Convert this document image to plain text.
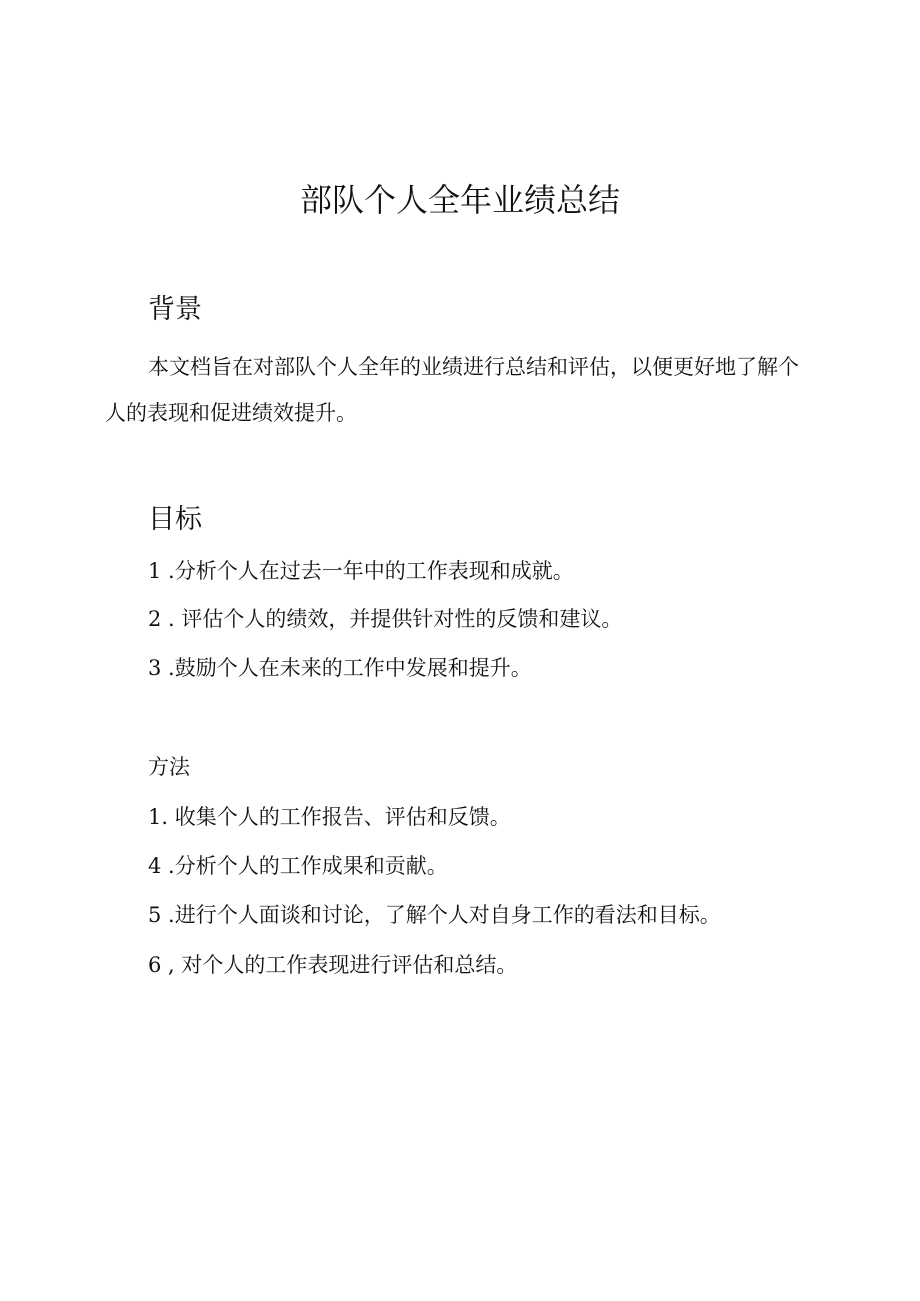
部队个人全年业绩总结
背景

本文档旨在对部队个人全年的业绩进行总结和评估，以便更好地了解个人的表现和促进绩效提升。

目标

1 .分析个人在过去一年中的工作表现和成就。

2 . 评估个人的绩效，并提供针对性的反馈和建议。

3 .鼓励个人在未来的工作中发展和提升。

方法

1. 收集个人的工作报告、评估和反馈。

4 .分析个人的工作成果和贡献。

5 .进行个人面谈和讨论，了解个人对自身工作的看法和目标。

6 , 对个人的工作表现进行评估和总结。
